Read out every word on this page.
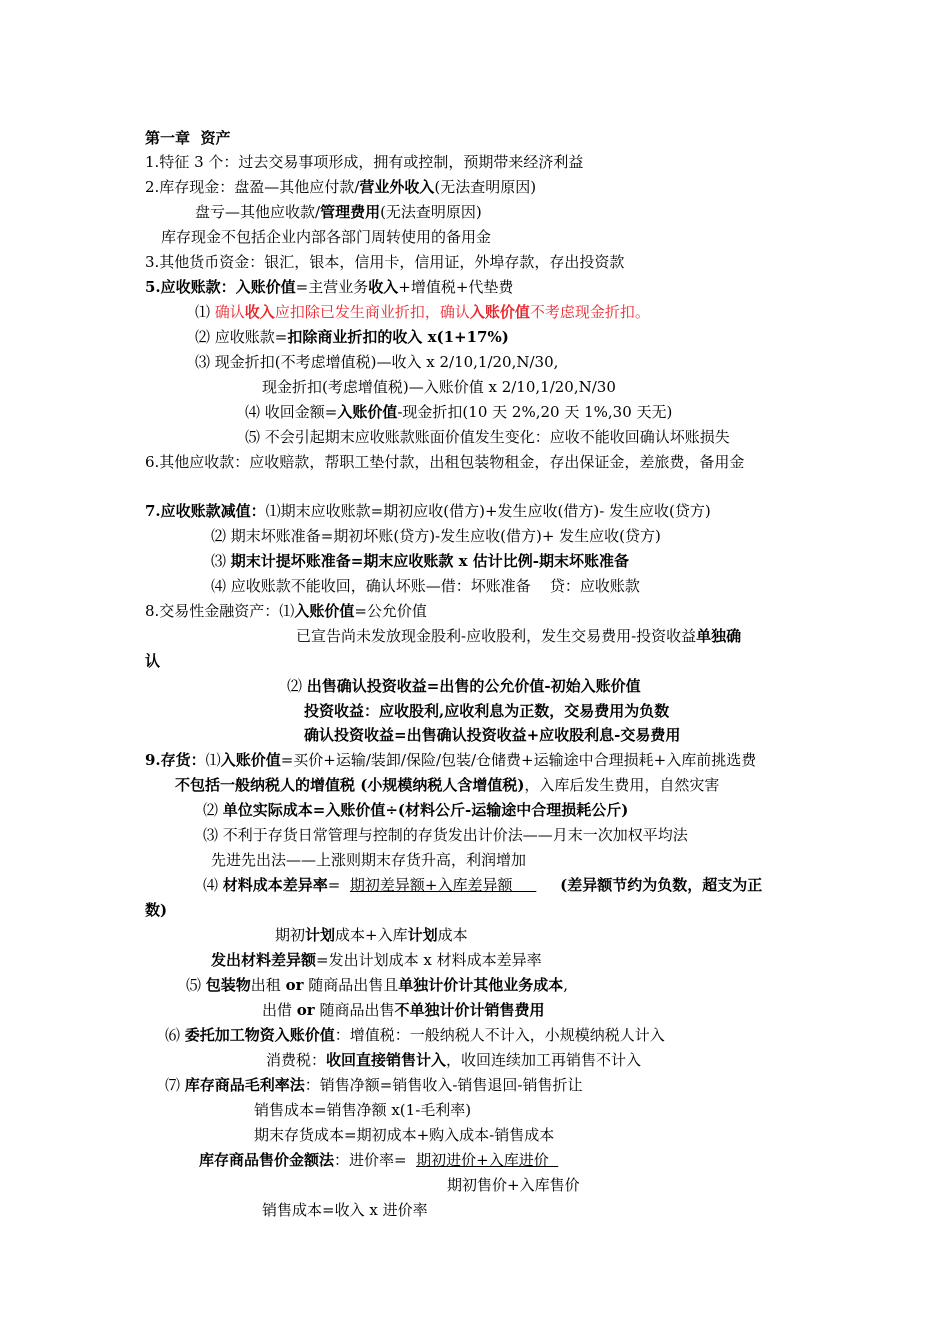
第一章  资产
1.特征 3 个：过去交易事项形成，拥有或控制，预期带来经济利益
2.库存现金：盘盈—其他应付款/营业外收入(无法查明原因)
盘亏—其他应收款/管理费用(无法查明原因)
库存现金不包括企业内部各部门周转使用的备用金
3.其他货币资金：银汇，银本，信用卡，信用证，外埠存款，存出投资款
5.应收账款：入账价值=主营业务收入+增值税+代垫费
⑴ 确认收入应扣除已发生商业折扣，确认入账价值不考虑现金折扣。
⑵ 应收账款=扣除商业折扣的收入 x(1+17%)
⑶ 现金折扣(不考虑增值税)—收入 x 2/10,1/20,N/30,
现金折扣(考虑增值税)—入账价值 x 2/10,1/20,N/30
⑷ 收回金额=入账价值-现金折扣(10 天 2%,20 天 1%,30 天无)
⑸ 不会引起期末应收账款账面价值发生变化：应收不能收回确认坏账损失
6.其他应收款：应收赔款，帮职工垫付款，出租包装物租金，存出保证金，差旅费，备用金
7.应收账款减值：⑴期末应收账款=期初应收(借方)+发生应收(借方)- 发生应收(贷方)
⑵ 期末坏账准备=期初坏账(贷方)-发生应收(借方)+ 发生应收(贷方)
⑶ 期末计提坏账准备=期末应收账款 x 估计比例-期末坏账准备
⑷ 应收账款不能收回，确认坏账—借：坏账准备    贷：应收账款
8.交易性金融资产：⑴入账价值=公允价值
已宣告尚未发放现金股利-应收股利，发生交易费用-投资收益单独确
认
⑵ 出售确认投资收益=出售的公允价值-初始入账价值
投资收益：应收股利,应收利息为正数，交易费用为负数
确认投资收益=出售确认投资收益+应收股利息-交易费用
9.存货：⑴入账价值=买价+运输/装卸/保险/包装/仓储费+运输途中合理损耗+入库前挑选费
不包括一般纳税人的增值税 (小规模纳税人含增值税)，入库后发生费用，自然灾害
⑵ 单位实际成本=入账价值÷(材料公斤-运输途中合理损耗公斤)
⑶ 不利于存货日常管理与控制的存货发出计价法——月末一次加权平均法
先进先出法——上涨则期末存货升高，利润增加
⑷ 材料成本差异率=  期初差异额+入库差异额          (差异额节约为负数，超支为正
数)
期初计划成本+入库计划成本
发出材料差异额=发出计划成本 x 材料成本差异率
⑸ 包装物出租 or 随商品出售且单独计价计其他业务成本,
出借 or 随商品出售不单独计价计销售费用
⑹ 委托加工物资入账价值：增值税：一般纳税人不计入，小规模纳税人计入
消费税：收回直接销售计入，收回连续加工再销售不计入
⑺ 库存商品毛利率法：销售净额=销售收入-销售退回-销售折让
销售成本=销售净额 x(1-毛利率)
期末存货成本=期初成本+购入成本-销售成本
库存商品售价金额法：进价率=  期初进价+入库进价
期初售价+入库售价
销售成本=收入 x 进价率
